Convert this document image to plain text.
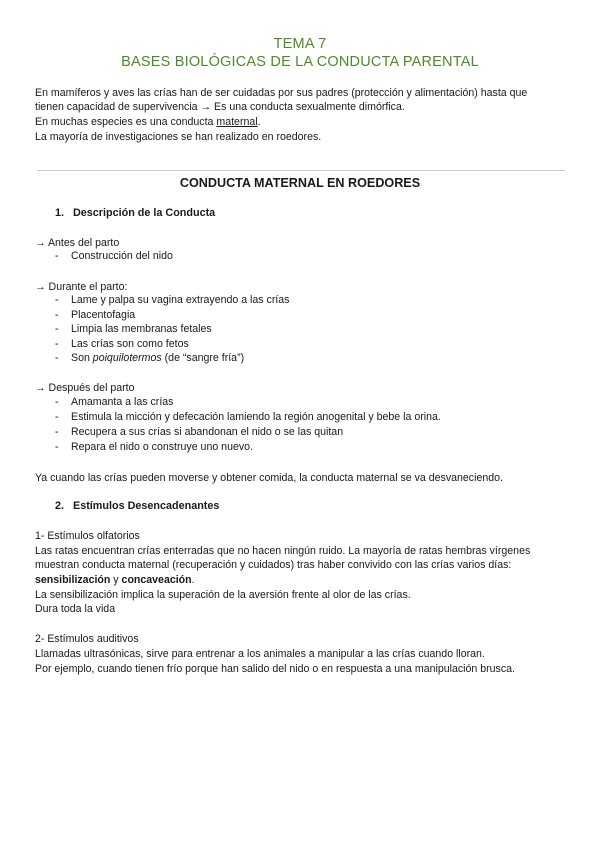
TEMA 7
BASES BIOLÓGICAS DE LA CONDUCTA PARENTAL
En mamíferos y aves las crías han de ser cuidadas por sus padres (protección y alimentación) hasta que
tienen capacidad de supervivencia → Es una conducta sexualmente dimórfica.
En muchas especies es una conducta maternal.
La mayoría de investigaciones se han realizado en roedores.
CONDUCTA MATERNAL EN ROEDORES
1. Descripción de la Conducta
→ Antes del parto
- Construcción del nido
→ Durante el parto:
- Lame y palpa su vagina extrayendo a las crías
- Placentofagia
- Limpia las membranas fetales
- Las crías son como fetos
- Son poiquilotermos (de “sangre fría”)
→ Después del parto
- Amamanta a las crías
- Estimula la micción y defecación lamiendo la región anogenital y bebe la orina.
- Recupera a sus crías si abandonan el nido o se las quitan
- Repara el nido o construye uno nuevo.
Ya cuando las crías pueden moverse y obtener comida, la conducta maternal se va desvaneciendo.
2. Estímulos Desencadenantes
1- Estímulos olfatorios
Las ratas encuentran crías enterradas que no hacen ningún ruido. La mayoría de ratas hembras vírgenes
muestran conducta maternal (recuperación y cuidados) tras haber convivido con las crías varios días:
sensibilización y concaveación.
La sensibilización implica la superación de la aversión frente al olor de las crías.
Dura toda la vida
2- Estímulos auditivos
Llamadas ultrasónicas, sirve para entrenar a los animales a manipular a las crías cuando lloran.
Por ejemplo, cuando tienen frío porque han salido del nido o en respuesta a una manipulación brusca.
